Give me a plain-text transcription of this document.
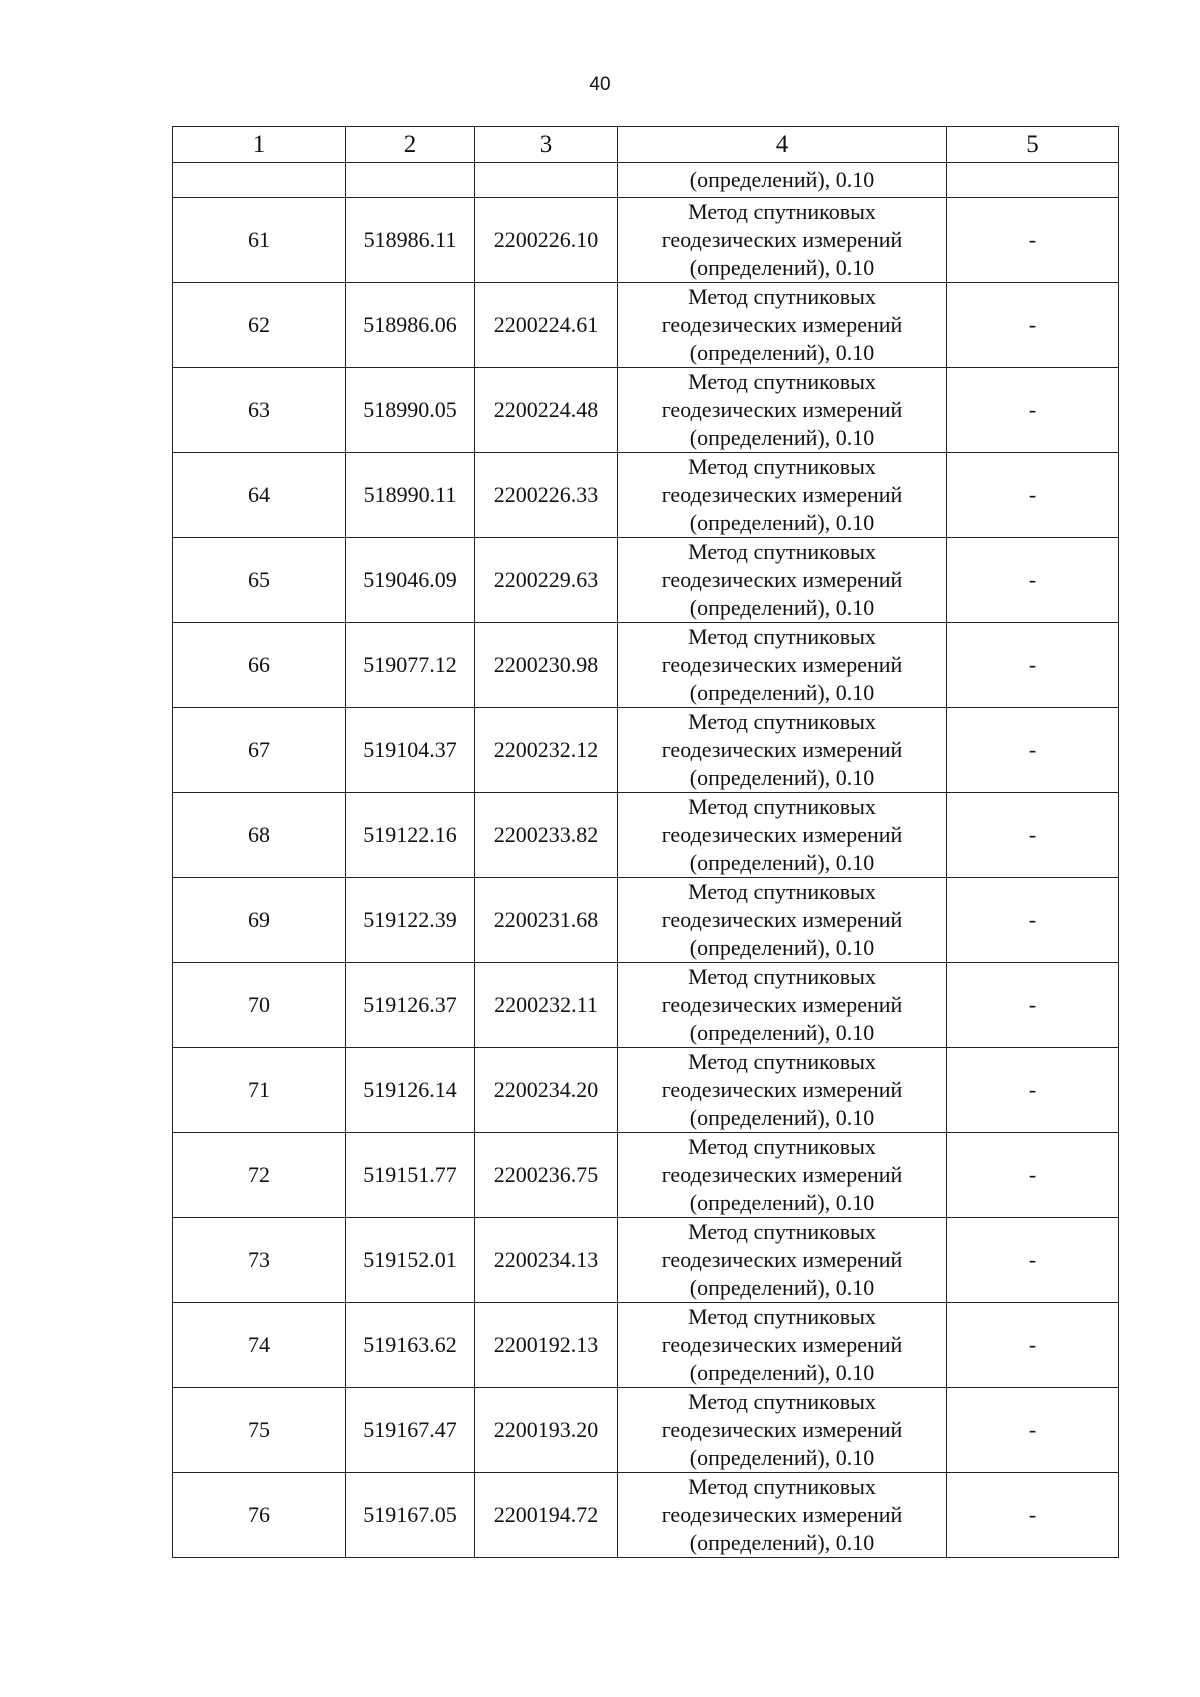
40
1	2	3	4	5
			(определений), 0.10	
61	518986.11	2200226.10	Метод спутниковых
геодезических измерений
(определений), 0.10	-
62	518986.06	2200224.61	Метод спутниковых
геодезических измерений
(определений), 0.10	-
63	518990.05	2200224.48	Метод спутниковых
геодезических измерений
(определений), 0.10	-
64	518990.11	2200226.33	Метод спутниковых
геодезических измерений
(определений), 0.10	-
65	519046.09	2200229.63	Метод спутниковых
геодезических измерений
(определений), 0.10	-
66	519077.12	2200230.98	Метод спутниковых
геодезических измерений
(определений), 0.10	-
67	519104.37	2200232.12	Метод спутниковых
геодезических измерений
(определений), 0.10	-
68	519122.16	2200233.82	Метод спутниковых
геодезических измерений
(определений), 0.10	-
69	519122.39	2200231.68	Метод спутниковых
геодезических измерений
(определений), 0.10	-
70	519126.37	2200232.11	Метод спутниковых
геодезических измерений
(определений), 0.10	-
71	519126.14	2200234.20	Метод спутниковых
геодезических измерений
(определений), 0.10	-
72	519151.77	2200236.75	Метод спутниковых
геодезических измерений
(определений), 0.10	-
73	519152.01	2200234.13	Метод спутниковых
геодезических измерений
(определений), 0.10	-
74	519163.62	2200192.13	Метод спутниковых
геодезических измерений
(определений), 0.10	-
75	519167.47	2200193.20	Метод спутниковых
геодезических измерений
(определений), 0.10	-
76	519167.05	2200194.72	Метод спутниковых
геодезических измерений
(определений), 0.10	-
